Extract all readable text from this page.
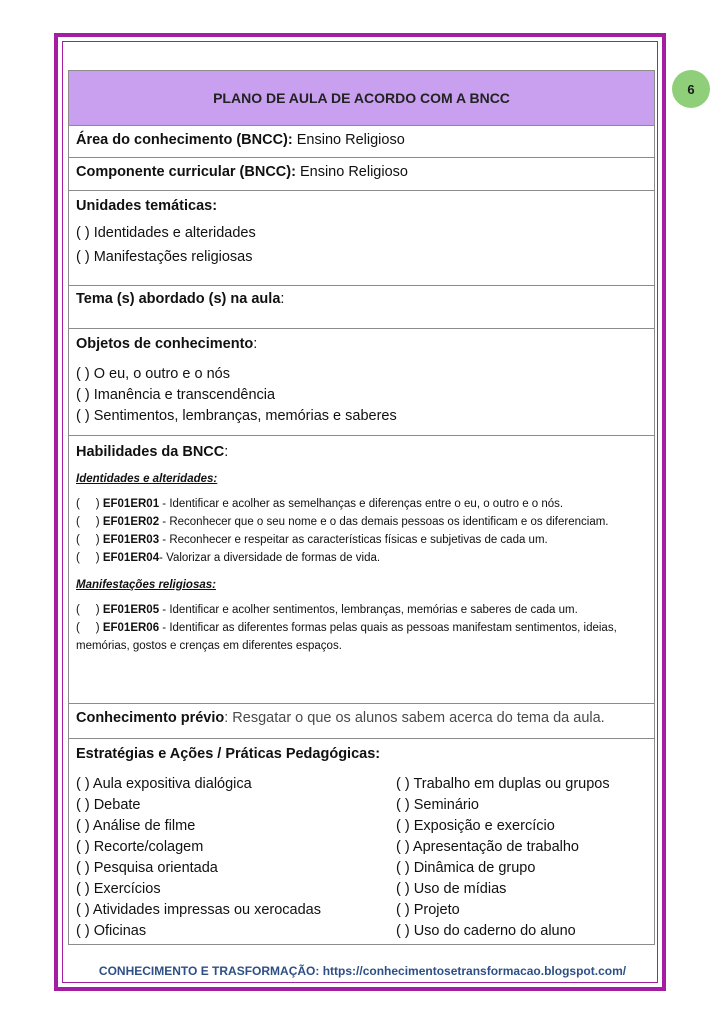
6
PLANO DE AULA DE ACORDO COM A BNCC
Área do conhecimento (BNCC): Ensino Religioso
Componente curricular (BNCC): Ensino Religioso
Unidades temáticas:
( ) Identidades e alteridades
( ) Manifestações religiosas
Tema (s) abordado (s) na aula:
Objetos de conhecimento:
( ) O eu, o outro e o nós
( ) Imanência e transcendência
( ) Sentimentos, lembranças, memórias e saberes
Habilidades da BNCC:
Identidades e alteridades:
(     ) EF01ER01 - Identificar e acolher as semelhanças e diferenças entre o eu, o outro e o nós.
(     ) EF01ER02 - Reconhecer que o seu nome e o das demais pessoas os identificam e os diferenciam.
(     ) EF01ER03 - Reconhecer e respeitar as características físicas e subjetivas de cada um.
(     ) EF01ER04- Valorizar a diversidade de formas de vida.
Manifestações religiosas:
(     ) EF01ER05 - Identificar e acolher sentimentos, lembranças, memórias e saberes de cada um.
(     ) EF01ER06 - Identificar as diferentes formas pelas quais as pessoas manifestam sentimentos, ideias, memórias, gostos e crenças em diferentes espaços.
Conhecimento prévio: Resgatar o que os alunos sabem acerca do tema da aula.
Estratégias e Ações / Práticas Pedagógicas:
( ) Aula expositiva dialógica
( ) Debate
( ) Análise de filme
( ) Recorte/colagem
( ) Pesquisa orientada
( ) Exercícios
( ) Atividades impressas ou xerocadas
( ) Oficinas
( ) Trabalho em duplas ou grupos
( ) Seminário
( ) Exposição e exercício
( ) Apresentação de trabalho
( ) Dinâmica de grupo
( ) Uso de mídias
( ) Projeto
( ) Uso do caderno do aluno
CONHECIMENTO E TRASFORMAÇÃO: https://conhecimentosetransformacao.blogspot.com/
